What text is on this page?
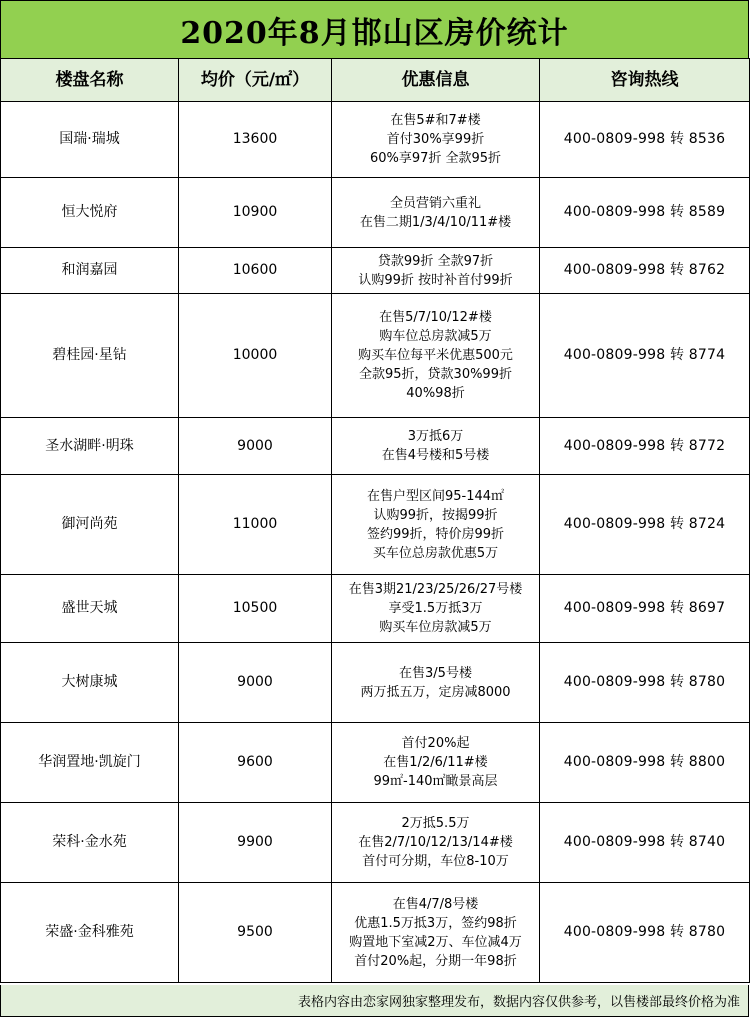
2020年8月邯山区房价统计
楼盘名称	均价（元/㎡）	优惠信息	咨询热线
国瑞·瑞城	13600	在售5#和7#楼
首付30%享99折
60%享97折 全款95折	400-0809-998 转 8536
恒大悦府	10900	全员营销六重礼
在售二期1/3/4/10/11#楼	400-0809-998 转 8589
和润嘉园	10600	贷款99折 全款97折
认购99折 按时补首付99折	400-0809-998 转 8762
碧桂园·星钻	10000	在售5/7/10/12#楼
购车位总房款减5万
购买车位每平米优惠500元
全款95折，贷款30%99折
40%98折	400-0809-998 转 8774
圣水湖畔·明珠	9000	3万抵6万
在售4号楼和5号楼	400-0809-998 转 8772
御河尚苑	11000	在售户型区间95-144㎡
认购99折，按揭99折
签约99折，特价房99折
买车位总房款优惠5万	400-0809-998 转 8724
盛世天城	10500	在售3期21/23/25/26/27号楼
享受1.5万抵3万
购买车位房款减5万	400-0809-998 转 8697
大树康城	9000	在售3/5号楼
两万抵五万，定房减8000	400-0809-998 转 8780
华润置地·凯旋门	9600	首付20%起
在售1/2/6/11#楼
99㎡-140㎡瞰景高层	400-0809-998 转 8800
荣科·金水苑	9900	2万抵5.5万
在售2/7/10/12/13/14#楼
首付可分期，车位8-10万	400-0809-998 转 8740
荣盛·金科雅苑	9500	在售4/7/8号楼
优惠1.5万抵3万，签约98折
购置地下室减2万、车位减4万
首付20%起，分期一年98折	400-0809-998 转 8780
表格内容由恋家网独家整理发布，数据内容仅供参考，以售楼部最终价格为准
